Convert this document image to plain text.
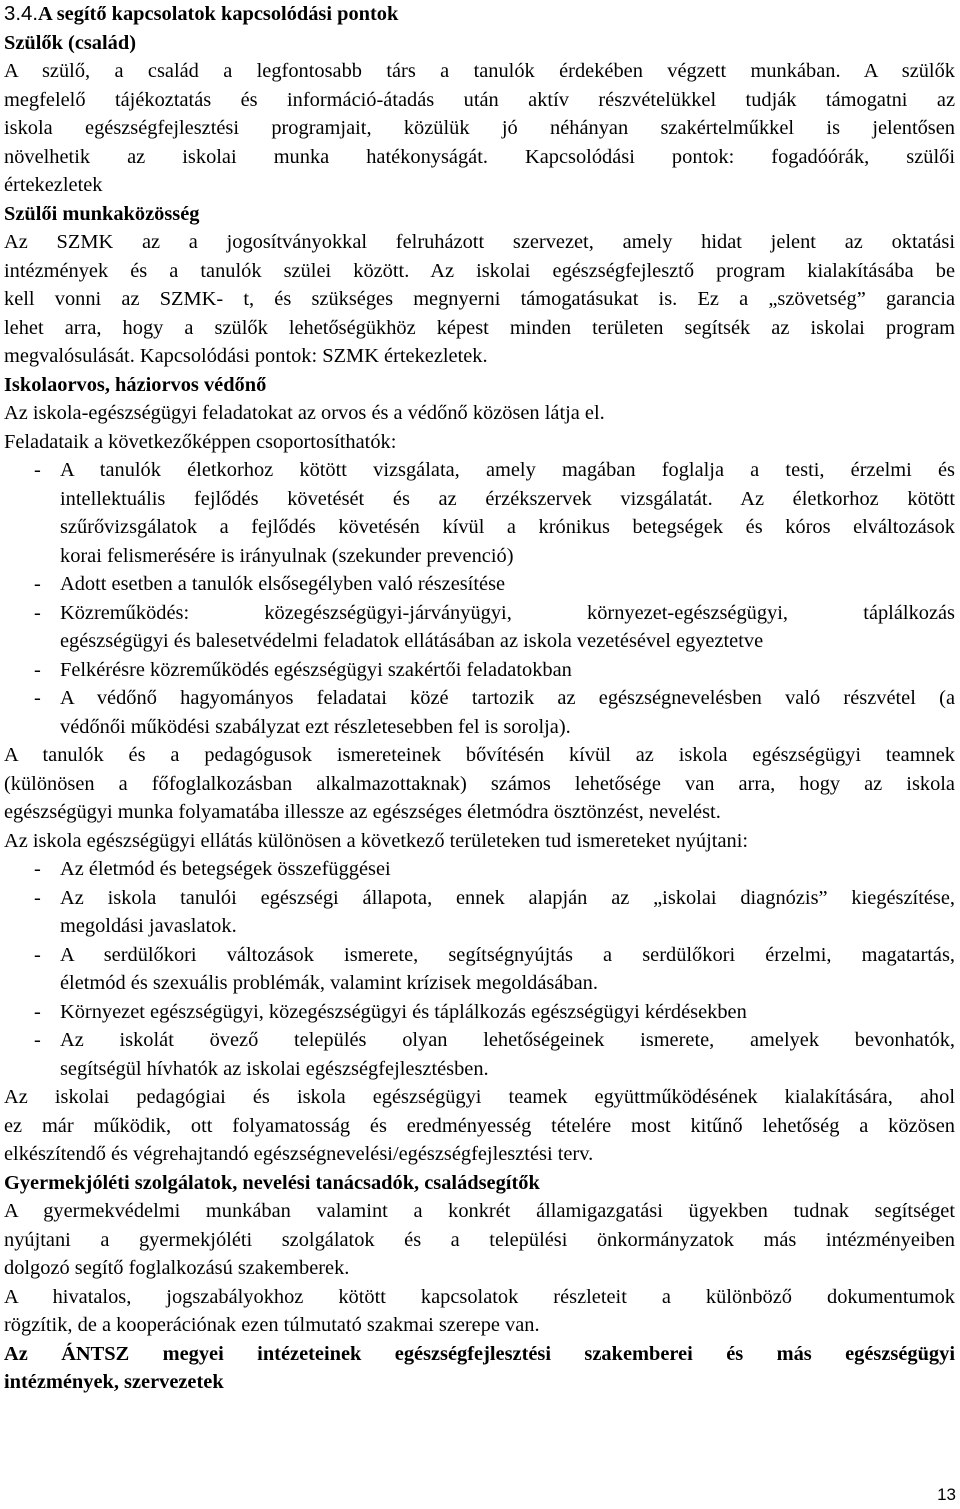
3.4.A segítő kapcsolatok kapcsolódási pontok
Szülők (család)
A szülő, a család a legfontosabb társ a tanulók érdekében végzett munkában. A szülők
megfelelő tájékoztatás és információ-átadás után aktív részvételükkel tudják támogatni az
iskola egészségfejlesztési programjait, közülük jó néhányan szakértelműkkel is jelentősen
növelhetik az iskolai munka hatékonyságát. Kapcsolódási pontok: fogadóórák, szülői
értekezletek
Szülői munkaközösség
Az SZMK az a jogosítványokkal felruházott szervezet, amely hidat jelent az oktatási
intézmények és a tanulók szülei között. Az iskolai egészségfejlesztő program kialakításába be
kell vonni az SZMK- t, és szükséges megnyerni támogatásukat is. Ez a „szövetség” garancia
lehet arra, hogy a szülők lehetőségükhöz képest minden területen segítsék az iskolai program
megvalósulását. Kapcsolódási pontok: SZMK értekezletek.
Iskolaorvos, háziorvos védőnő
Az iskola-egészségügyi feladatokat az orvos és a védőnő közösen látja el.
Feladataik a következőképpen csoportosíthatók:
- A tanulók életkorhoz kötött vizsgálata, amely magában foglalja a testi, érzelmi és
intellektuális fejlődés követését és az érzékszervek vizsgálatát. Az életkorhoz kötött
szűrővizsgálatok a fejlődés követésén kívül a krónikus betegségek és kóros elváltozások
korai felismerésére is irányulnak (szekunder prevenció)
- Adott esetben a tanulók elsősegélyben való részesítése
- Közreműködés: közegészségügyi-járványügyi, környezet-egészségügyi, táplálkozás
egészségügyi és balesetvédelmi feladatok ellátásában az iskola vezetésével egyeztetve
- Felkérésre közreműködés egészségügyi szakértői feladatokban
- A védőnő hagyományos feladatai közé tartozik az egészségnevelésben való részvétel (a
védőnői működési szabályzat ezt részletesebben fel is sorolja).
A tanulók és a pedagógusok ismereteinek bővítésén kívül az iskola egészségügyi teamnek
(különösen a főfoglalkozásban alkalmazottaknak) számos lehetősége van arra, hogy az iskola
egészségügyi munka folyamatába illessze az egészséges életmódra ösztönzést, nevelést.
Az iskola egészségügyi ellátás különösen a következő területeken tud ismereteket nyújtani:
- Az életmód és betegségek összefüggései
- Az iskola tanulói egészségi állapota, ennek alapján az „iskolai diagnózis” kiegészítése,
megoldási javaslatok.
- A serdülőkori változások ismerete, segítségnyújtás a serdülőkori érzelmi, magatartás,
életmód és szexuális problémák, valamint krízisek megoldásában.
- Környezet egészségügyi, közegészségügyi és táplálkozás egészségügyi kérdésekben
- Az iskolát övező település olyan lehetőségeinek ismerete, amelyek bevonhatók,
segítségül hívhatók az iskolai egészségfejlesztésben.
Az iskolai pedagógiai és iskola egészségügyi teamek együttműködésének kialakítására, ahol
ez már működik, ott folyamatosság és eredményesség tételére most kitűnő lehetőség a közösen
elkészítendő és végrehajtandó egészségnevelési/egészségfejlesztési terv.
Gyermekjóléti szolgálatok, nevelési tanácsadók, családsegítők
A gyermekvédelmi munkában valamint a konkrét államigazgatási ügyekben tudnak segítséget
nyújtani a gyermekjóléti szolgálatok és a települési önkormányzatok más intézményeiben
dolgozó segítő foglalkozású szakemberek.
A hivatalos, jogszabályokhoz kötött kapcsolatok részleteit a különböző dokumentumok
rögzítik, de a kooperációnak ezen túlmutató szakmai szerepe van.
Az ÁNTSZ megyei intézeteinek egészségfejlesztési szakemberei és más egészségügyi
intézmények, szervezetek
13
